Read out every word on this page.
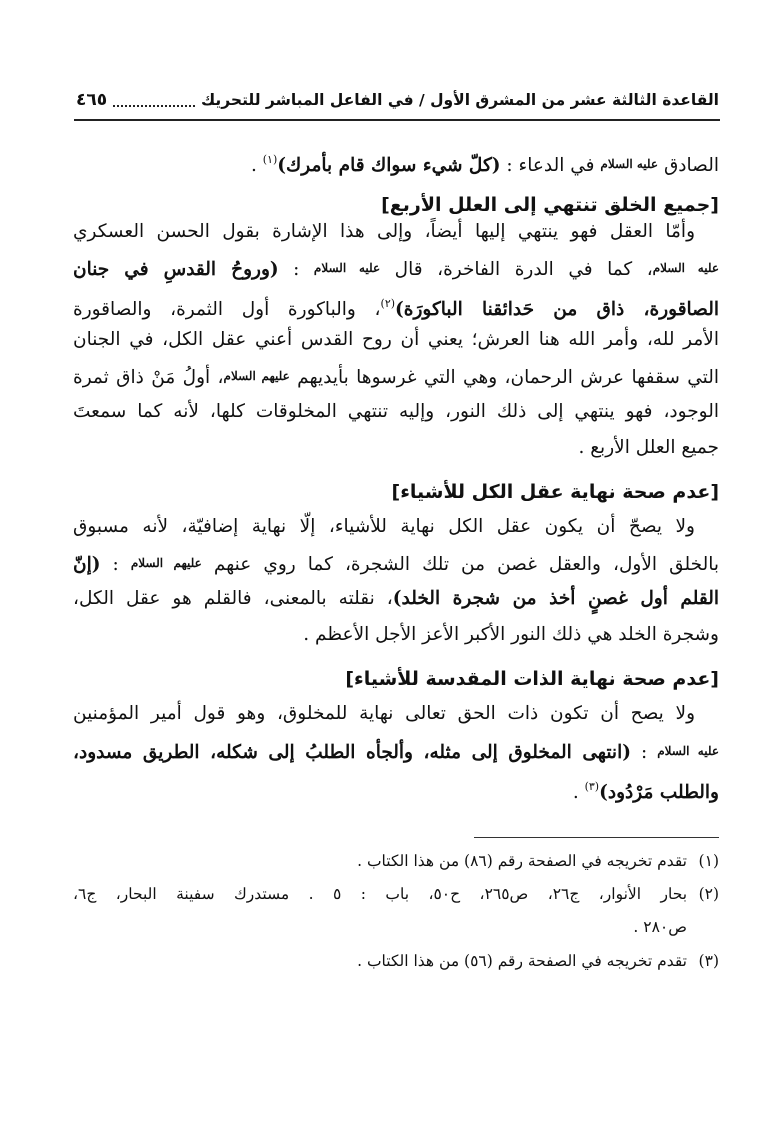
القاعدة الثالثة عشر من المشرق الأول / في الفاعل المباشر للتحريك
٤٦٥
الصادق عليه السلام في الدعاء : (كلّ شيء سواك قام بأمرك)$^{(١)}$ .
[جميع الخلق تنتهي إلى العلل الأربع]
وأمّا العقل فهو ينتهي إليها أيضاً، وإلى هذا الإشارة بقول الحسن العسكري
عليه السلام، كما في الدرة الفاخرة، قال عليه السلام : (وروحُ القدسِ في جنان
الصاقورة، ذاق من حَدائقنا الباكورَة)$^{(٢)}$، والباكورة أول الثمرة، والصاقورة
الأمر لله، وأمر الله هنا العرش؛ يعني أن روح القدس أعني عقل الكل، في الجنان
التي سقفها عرش الرحمان، وهي التي غرسوها بأيديهم عليهم السلام، أولُ مَنْ ذاق ثمرة
الوجود، فهو ينتهي إلى ذلك النور، وإليه تنتهي المخلوقات كلها، لأنه كما سمعتَ
جميع العلل الأربع .
[عدم صحة نهاية عقل الكل للأشياء]
ولا يصحّ أن يكون عقل الكل نهاية للأشياء، إلّا نهاية إضافيّة، لأنه مسبوق
بالخلق الأول، والعقل غصن من تلك الشجرة، كما روي عنهم عليهم السلام : (إنّ
القلم أول غصنٍ أخذ من شجرة الخلد)، نقلته بالمعنى، فالقلم هو عقل الكل،
وشجرة الخلد هي ذلك النور الأكبر الأعز الأجل الأعظم .
[عدم صحة نهاية الذات المقدسة للأشياء]
ولا يصح أن تكون ذات الحق تعالى نهاية للمخلوق، وهو قول أمير المؤمنين
عليه السلام : (انتهى المخلوق إلى مثله، وألجأه الطلبُ إلى شكله، الطريق مسدود،
والطلب مَرْدُود)$^{(٣)}$ .
(١)تقدم تخريجه في الصفحة رقم (٨٦) من هذا الكتاب .
(٢)بحار الأنوار، ج٢٦، ص٢٦٥، ح٥٠، باب : ٥ . مستدرك سفينة البحار، ج٦،
ص٢٨٠ .
(٣)تقدم تخريجه في الصفحة رقم (٥٦) من هذا الكتاب .
